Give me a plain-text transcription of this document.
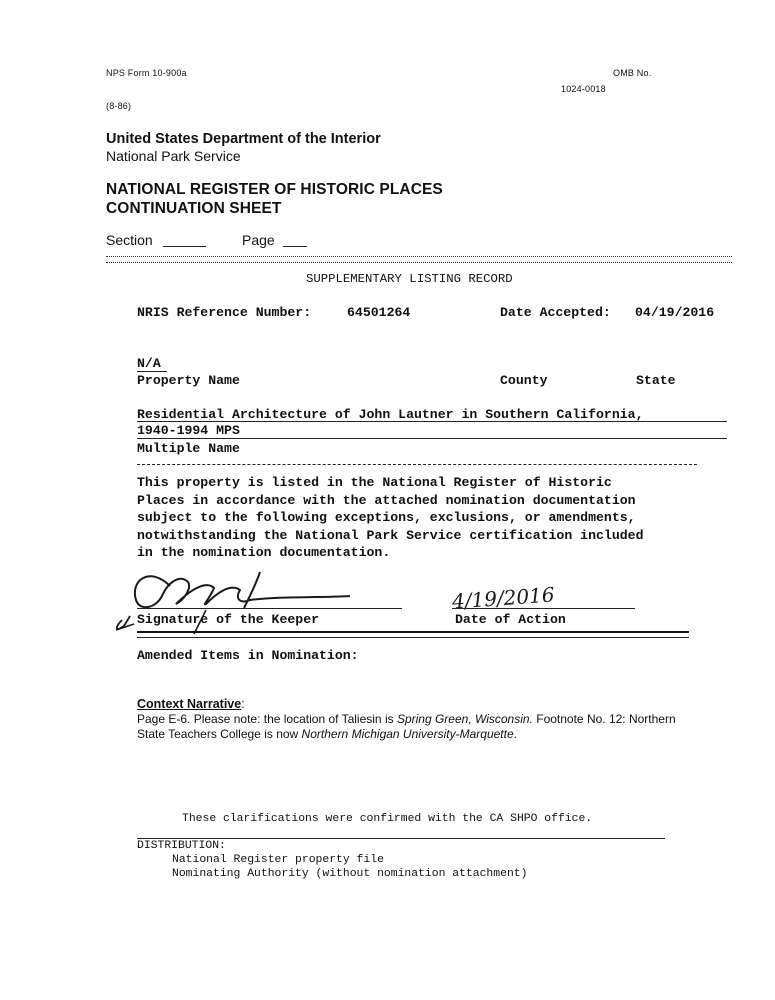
NPS Form 10-900a	OMB No.
1024-0018
(8-86)
United States Department of the Interior
National Park Service
NATIONAL REGISTER OF HISTORIC PLACES
CONTINUATION SHEET
Section	Page
SUPPLEMENTARY LISTING RECORD
NRIS Reference Number:	64501264	Date Accepted: 04/19/2016
N/A
Property Name	County	State
Residential Architecture of John Lautner in Southern California,
1940-1994 MPS
Multiple Name
This property is listed in the National Register of Historic
Places in accordance with the attached nomination documentation
subject to the following exceptions, exclusions, or amendments,
notwithstanding the National Park Service certification included
in the nomination documentation.
Signature of the Keeper
4/19/2016
Date of Action
Amended Items in Nomination:
Context Narrative:
Page E-6. Please note: the location of Taliesin is Spring Green, Wisconsin. Footnote No. 12: Northern State Teachers College is now Northern Michigan University-Marquette.
These clarifications were confirmed with the CA SHPO office.
DISTRIBUTION:
National Register property file
Nominating Authority (without nomination attachment)
